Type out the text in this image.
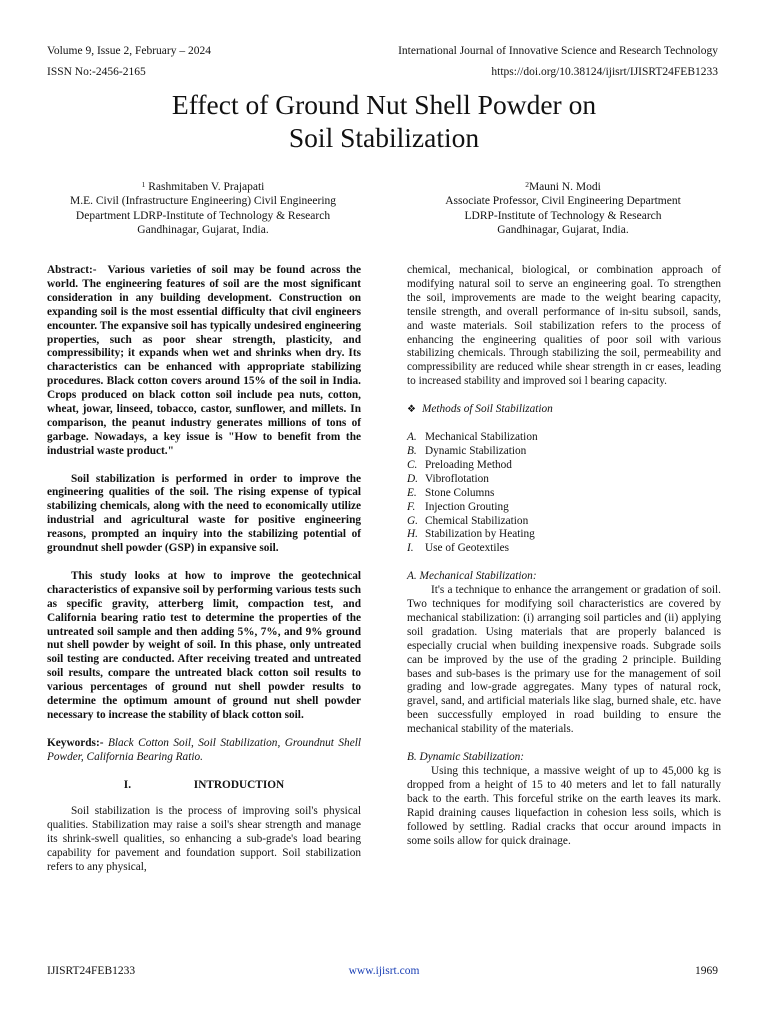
Volume 9, Issue 2, February – 2024	International Journal of Innovative Science and Research Technology
ISSN No:-2456-2165	https://doi.org/10.38124/ijisrt/IJISRT24FEB1233
Effect of Ground Nut Shell Powder on
Soil Stabilization
$^1$ Rashmitaben V. Prajapati
M.E. Civil (Infrastructure Engineering) Civil Engineering
Department LDRP-Institute of Technology & Research
Gandhinagar, Gujarat, India.
$^2$Mauni N. Modi
Associate Professor, Civil Engineering Department
LDRP-Institute of Technology & Research
Gandhinagar, Gujarat, India.

Abstract:- Various varieties of soil may be found across the world. The engineering features of soil are the most significant consideration in any building development. Construction on expanding soil is the most essential difficulty that civil engineers encounter. The expansive soil has typically undesired engineering properties, such as poor shear strength, plasticity, and compressibility; it expands when wet and shrinks when dry. Its characteristics can be enhanced with appropriate stabilizing procedures. Black cotton covers around 15% of the soil in India. Crops produced on black cotton soil include pea nuts, cotton, wheat, jowar, linseed, tobacco, castor, sunflower, and millets. In comparison, the peanut industry generates millions of tons of garbage. Nowadays, a key issue is "How to benefit from the industrial waste product."

Soil stabilization is performed in order to improve the engineering qualities of the soil. The rising expense of typical stabilizing chemicals, along with the need to economically utilize industrial and agricultural waste for positive engineering reasons, prompted an inquiry into the stabilizing potential of groundnut shell powder (GSP) in expansive soil.

This study looks at how to improve the geotechnical characteristics of expansive soil by performing various tests such as specific gravity, atterberg limit, compaction test, and California bearing ratio test to determine the properties of the untreated soil sample and then adding 5%, 7%, and 9% ground nut shell powder by weight of soil. In this phase, only untreated soil testing are conducted. After receiving treated and untreated soil results, compare the untreated black cotton soil results to various percentages of ground nut shell powder results to determine the optimum amount of ground nut shell powder necessary to increase the stability of black cotton soil.

Keywords:- Black Cotton Soil, Soil Stabilization, Groundnut Shell Powder, California Bearing Ratio.

I.	INTRODUCTION

Soil stabilization is the process of improving soil's physical qualities. Stabilization may raise a soil's shear strength and manage its shrink-swell qualities, so enhancing a sub-grade's load bearing capability for pavement and foundation support. Soil stabilization refers to any physical,

chemical, mechanical, biological, or combination approach of modifying natural soil to serve an engineering goal. To strengthen the soil, improvements are made to the weight bearing capacity, tensile strength, and overall performance of in-situ subsoil, sands, and waste materials. Soil stabilization refers to the process of enhancing the engineering qualities of poor soil with various stabilizing chemicals. Through stabilizing the soil, permeability and compressibility are reduced while shear strength in cr eases, leading to increased stability and improved soi l bearing capacity.

❖ Methods of Soil Stabilization
A. Mechanical Stabilization
B. Dynamic Stabilization
C. Preloading Method
D. Vibroflotation
E. Stone Columns
F. Injection Grouting
G. Chemical Stabilization
H. Stabilization by Heating
I.	Use of Geotextiles

A. Mechanical Stabilization:

It's a technique to enhance the arrangement or gradation of soil. Two techniques for modifying soil characteristics are covered by mechanical stabilization: (i) arranging soil particles and (ii) applying soil gradation. Using materials that are properly balanced is especially crucial when building inexpensive roads. Subgrade soils can be improved by the use of the grading 2 principle. Building bases and sub-bases is the primary use for the management of soil grading and low-grade aggregates. Many types of natural rock, gravel, sand, and artificial materials like slag, burned shale, etc. have been successfully employed in road building to ensure the mechanical stability of the materials.

B. Dynamic Stabilization:

Using this technique, a massive weight of up to 45,000 kg is dropped from a height of 15 to 40 meters and let to fall naturally back to the earth. This forceful strike on the earth leaves its mark. Rapid draining causes liquefaction in cohesion less soils, which is followed by settling. Radial cracks that occur around impacts in some soils allow for quick drainage.

IJISRT24FEB1233	www.ijisrt.com	1969
